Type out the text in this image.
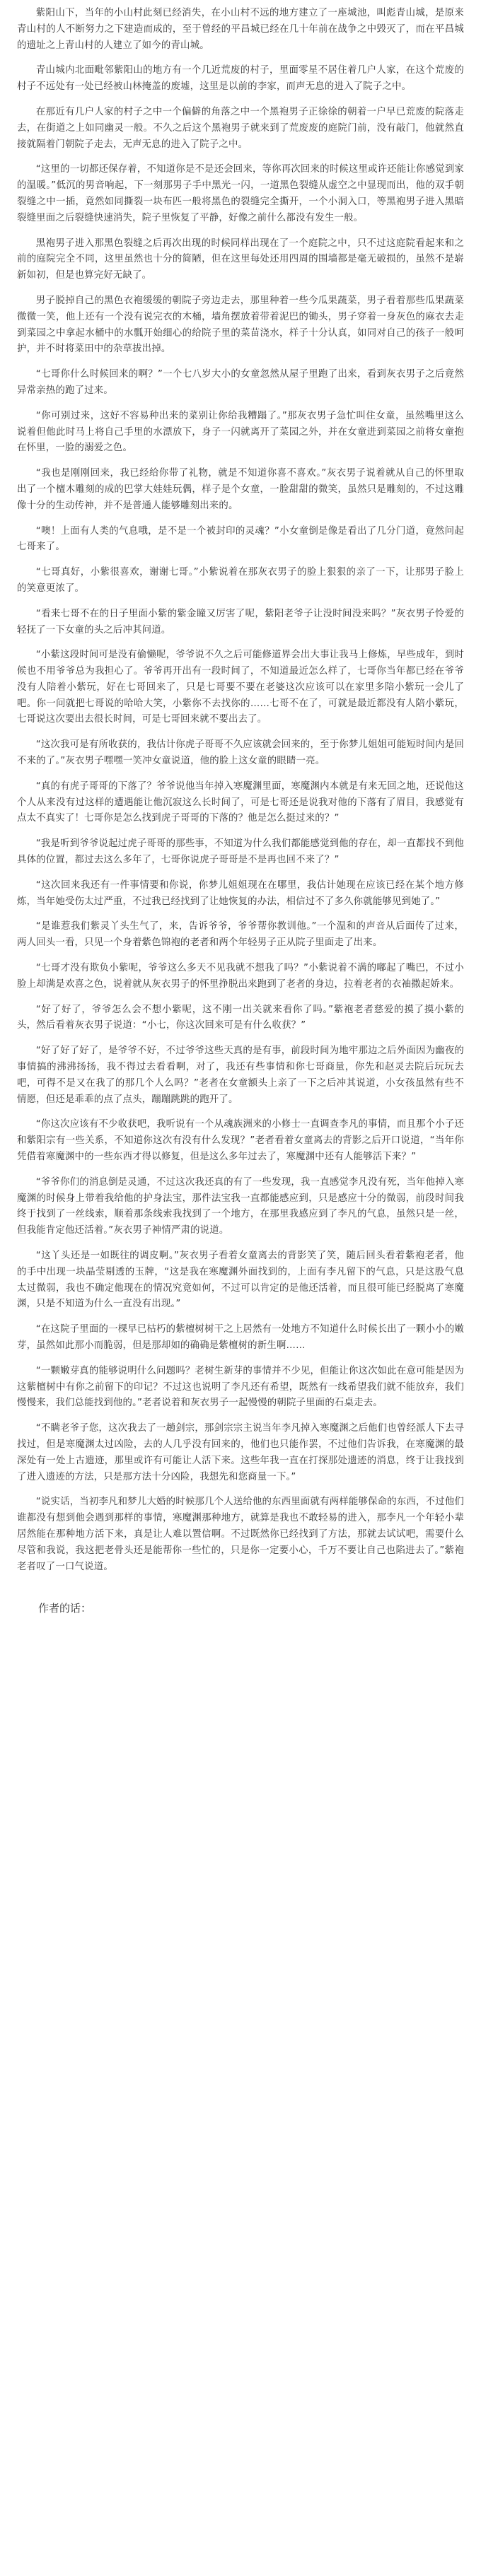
紫阳山下，当年的小山村此刻已经消失，在小山村不远的地方建立了一座城池，叫彪青山城，是原来青山村的人不断努力之下建造而成的，至于曾经的平昌城已经在几十年前在战争之中毁灭了，而在平昌城的遗址之上青山村的人建立了如今的青山城。

青山城内北面毗邻紫阳山的地方有一个几近荒废的村子，里面零星不居住着几户人家，在这个荒废的村子不远处有一处已经被山林掩盖的废墟，这里是以前的李家，而声无息的进入了院子之中。

在那近有几户人家的村子之中一个偏僻的角落之中一个黑袍男子正徐徐的朝着一户早已荒废的院落走去，在街道之上如同幽灵一般。不久之后这个黑袍男子就来到了荒废废的庭院门前，没有敲门，他就然直接就隔着门朝院子走去，无声无息的进入了院子之中。

“这里的一切都还保存着，不知道你是不是还会回来，等你再次回来的时候这里或许还能让你感觉到家的温暖。”低沉的男音响起，下一刻那男子手中黑光一闪，一道黑色裂缝从虚空之中显现而出，他的双手朝裂缝之中一插，竟然如同撕裂一块布匹一般将黑色的裂缝完全撕开，一个小洞入口，等黑袍男子进入黑暗裂缝里面之后裂缝快速消失，院子里恢复了平静，好像之前什么都没有发生一般。

黑袍男子进入那黑色裂缝之后再次出现的时候同样出现在了一个庭院之中，只不过这庭院看起来和之前的庭院完全不同，这里虽然也十分的简陋，但在这里每处还用四周的围墙都是毫无破损的，虽然不是崭新如初，但是也算完好无缺了。

男子脱掉自己的黑色衣袍缓缓的朝院子旁边走去，那里种着一些今瓜果蔬菜，男子看着那些瓜果蔬菜微微一笑，他上还有一个没有说完衣的木桶，墙角摆放着带着泥巴的锄头，男子穿着一身灰色的麻衣去走到菜园之中拿起水桶中的水瓢开始细心的给院子里的菜苗浇水，样子十分认真，如同对自己的孩子一般呵护，并不时将菜田中的杂草拔出掉。

“七哥你什么时候回来的啊？”一个七八岁大小的女童忽然从屋子里跑了出来，看到灰衣男子之后竟然异常亲热的跑了过来。

“你可别过来，这好不容易种出来的菜别让你给我糟蹋了。”那灰衣男子急忙叫住女童，虽然嘴里这么说着但他此时马上将自己手里的水漂放下，身子一闪就离开了菜园之外，并在女童进到菜园之前将女童抱在怀里，一脸的溺爱之色。

“我也是刚刚回来，我已经给你带了礼物，就是不知道你喜不喜欢。”灰衣男子说着就从自己的怀里取出了一个檀木雕刻的成的巴掌大娃娃玩偶，样子是个女童，一脸甜甜的微笑，虽然只是雕刻的，不过这雕像十分的生动传神，并不是普通人能够雕刻出来的。

“噢！上面有人类的气息哦，是不是一个被封印的灵魂？”小女童倒是像是看出了几分门道，竟然问起七哥来了。

“七哥真好，小紫很喜欢，谢谢七哥。”小紫说着在那灰衣男子的脸上狠狠的亲了一下，让那男子脸上的笑意更浓了。

“看来七哥不在的日子里面小紫的紫金瞳又厉害了呢，紫阳老爷子让没时间没来吗？”灰衣男子怜爱的轻抚了一下女童的头之后冲其问道。

“小紫这段时间可是没有偷懒呢，爷爷说不久之后可能修道界会出大事让我马上修炼，早些成年，到时候也不用爷爷总为我担心了。爷爷再开出有一段时间了，不知道最近怎么样了，七哥你当年都已经在爷爷没有人陪着小紫玩，好在七哥回来了，只是七哥要不要在老婆这次应该可以在家里多陪小紫玩一会儿了吧。你一问就把七哥说的哈哈大笑，小紫你不去找你的……七哥不在了，可就是最近都没有人陪小紫玩，七哥说这次要出去很长时间，可是七哥回来就不要出去了。

“这次我可是有所收获的，我估计你虎子哥哥不久应该就会回来的，至于你梦儿姐姐可能短时间内是回不来的了。”灰衣男子嘿嘿一笑冲女童说道，他的脸上这女童的眼睛一亮。

“真的有虎子哥哥的下落了？爷爷说他当年掉入寒魔渊里面，寒魔渊内本就是有来无回之地，还说他这个人从来没有过这样的遭遇能让他沉寂这么长时间了，可是七哥还是说我对他的下落有了眉目，我感觉有点太不真实了！七哥你是怎么找到虎子哥哥的下落的？他是怎么挺过来的？”

“我是听到爷爷说起过虎子哥哥的那些事，不知道为什么我们都能感觉到他的存在，却一直都找不到他具体的位置，都过去这么多年了，七哥你说虎子哥哥是不是再也回不来了？”

“这次回来我还有一件事情要和你说，你梦儿姐姐现在在哪里，我估计她现在应该已经在某个地方修炼，当年她受伤太过严重，不过我已经找到了让她恢复的办法，相信过不了多久你就能够见到她了。”

“是谁惹我们紫灵丫头生气了，来，告诉爷爷，爷爷帮你教训他。”一个温和的声音从后面传了过来，两人回头一看，只见一个身着紫色锦袍的老者和两个年轻男子正从院子里面走了出来。

“七哥才没有欺负小紫呢，爷爷这么多天不见我就不想我了吗？”小紫说着不满的嘟起了嘴巴，不过小脸上却满是欢喜之色，说着就从灰衣男子的怀里挣脱出来跑到了老者的身边，拉着老者的衣袖撒起娇来。

“好了好了，爷爷怎么会不想小紫呢，这不刚一出关就来看你了吗。”紫袍老者慈爱的摸了摸小紫的头，然后看着灰衣男子说道：“小七，你这次回来可是有什么收获？”

“好了好了好了，是爷爷不好，不过爷爷这些天真的是有事，前段时间为地牢那边之后外面因为幽夜的事情搞的沸沸扬扬，我不得过去看看啊，对了，我还有些事情和你七哥商量，你先和赵灵去院后玩玩去吧，可得不是又在我了的那几个人么吗？”老者在女童额头上亲了一下之后冲其说道，小女孩虽然有些不情愿，但还是乖乖的点了点头，蹦蹦跳跳的跑开了。

“你这次应该有不少收获吧，我听说有一个从魂族洲来的小修士一直调查李凡的事情，而且那个小子还和紫阳宗有一些关系，不知道你这次有没有什么发现？”老者看着女童离去的背影之后开口说道，“当年你凭借着寒魔渊中的一些东西才得以修复，但是这么多年过去了，寒魔渊中还有人能够活下来？”

“爷爷你们的消息倒是灵通，不过这次我还真的有了一些发现，我一直感觉李凡没有死，当年他掉入寒魔渊的时候身上带着我给他的护身法宝，那件法宝我一直都能感应到，只是感应十分的微弱，前段时间我终于找到了一丝线索，顺着那条线索我找到了一个地方，在那里我感应到了李凡的气息，虽然只是一丝，但我能肯定他还活着。”灰衣男子神情严肃的说道。

“这丫头还是一如既往的调皮啊。”灰衣男子看着女童离去的背影笑了笑，随后回头看着紫袍老者，他的手中出现一块晶莹剔透的玉牌，“这是我在寒魔渊外面找到的，上面有李凡留下的气息，只是这股气息太过微弱，我也不确定他现在的情况究竟如何，不过可以肯定的是他还活着，而且很可能已经脱离了寒魔渊，只是不知道为什么一直没有出现。”

“在这院子里面的一棵早已枯朽的紫檀树树干之上居然有一处地方不知道什么时候长出了一颗小小的嫩芽，虽然如此那小而脆弱，但是那却如的确确是紫檀树的新生啊……

“一颗嫩芽真的能够说明什么问题吗？老树生新芽的事情并不少见，但能让你这次如此在意可能是因为这紫檀树中有你之前留下的印记？不过这也说明了李凡还有希望，既然有一线希望我们就不能放弃，我们慢慢来，我们总能找到他的。”老者说着和灰衣男子一起慢慢的朝院子里面的石桌走去。

“不瞒老爷子您，这次我去了一趟剑宗，那剑宗宗主说当年李凡掉入寒魔渊之后他们也曾经派人下去寻找过，但是寒魔渊太过凶险，去的人几乎没有回来的，他们也只能作罢，不过他们告诉我，在寒魔渊的最深处有一处上古遗迹，那里或许有可能让人活下来。这些年我一直在打探那处遗迹的消息，终于让我找到了进入遗迹的方法，只是那方法十分凶险，我想先和您商量一下。”

“说实话，当初李凡和梦儿大婚的时候那几个人送给他的东西里面就有两样能够保命的东西，不过他们谁都没有想到他会遇到那样的事情，寒魔渊那种地方，就算是我也不敢轻易的进入，那李凡一个年轻小辈居然能在那种地方活下来，真是让人难以置信啊。不过既然你已经找到了方法，那就去试试吧，需要什么尽管和我说，我这把老骨头还是能帮你一些忙的，只是你一定要小心，千万不要让自己也陷进去了。”紫袍老者叹了一口气说道。

作者的话：
